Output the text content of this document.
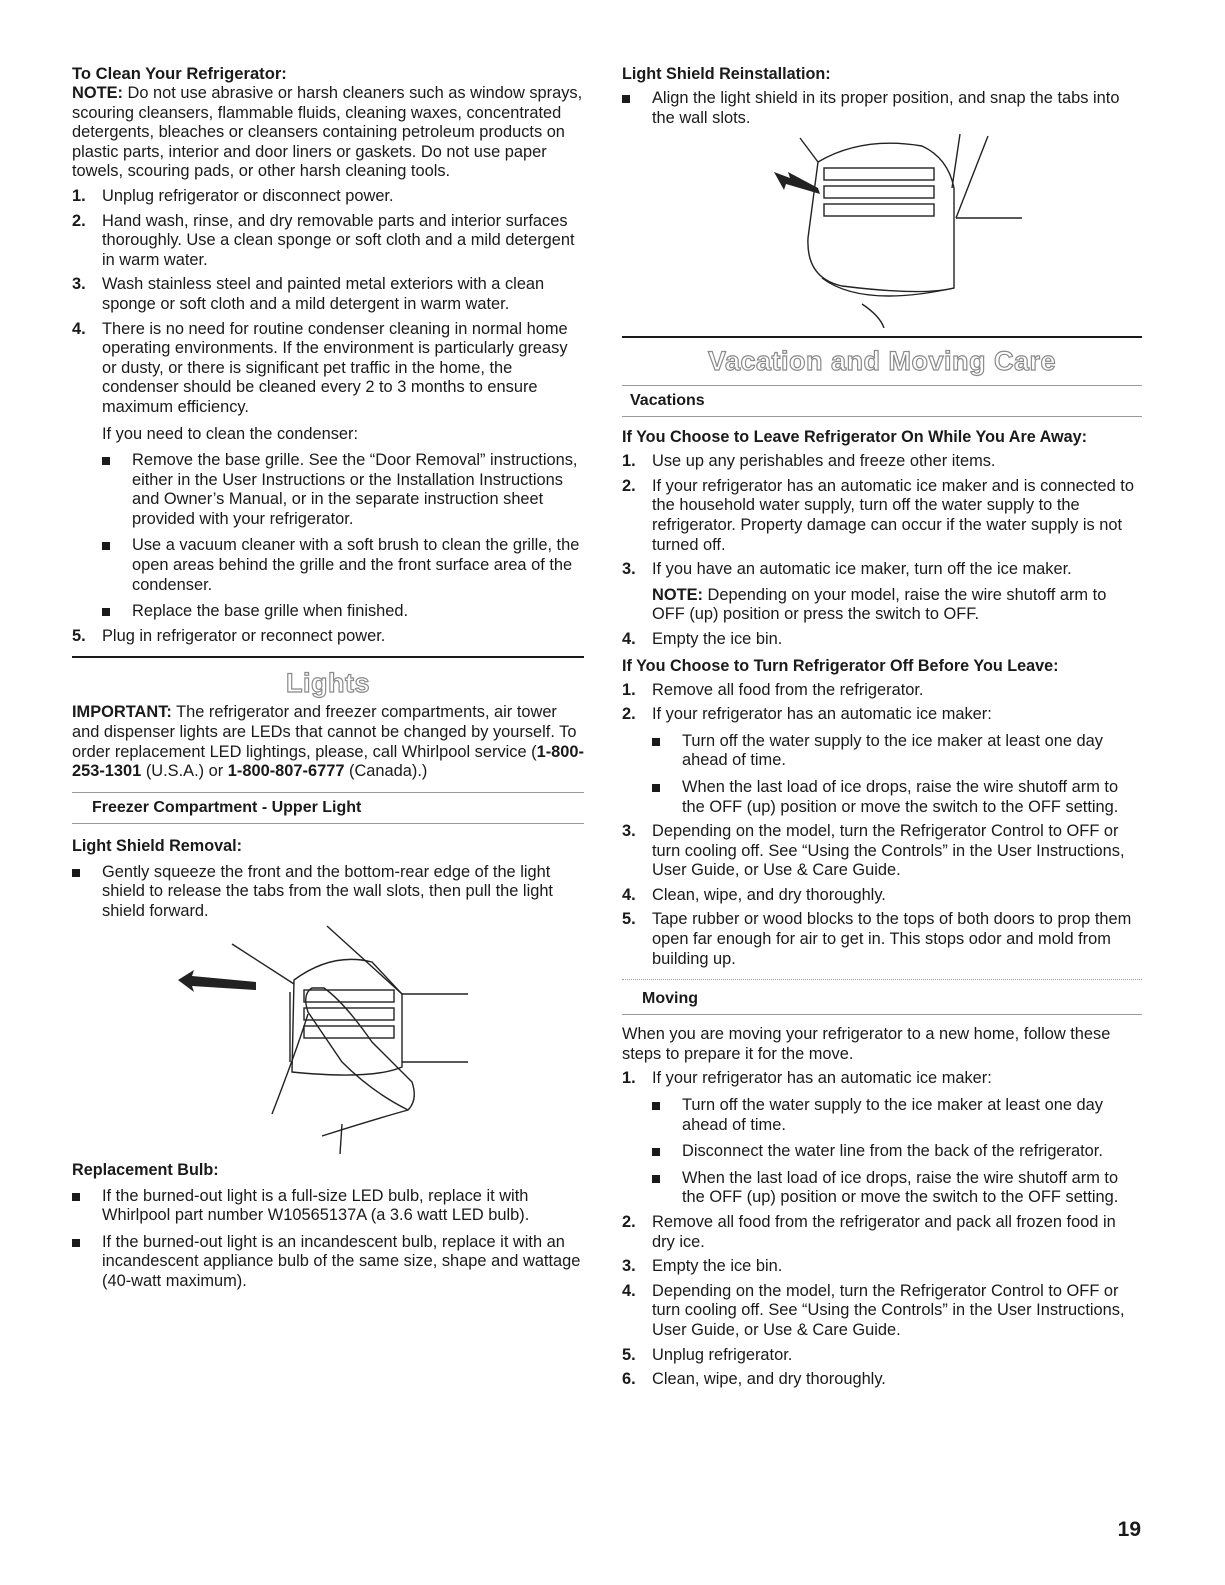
To Clean Your Refrigerator:

NOTE: Do not use abrasive or harsh cleaners such as window sprays, scouring cleansers, flammable fluids, cleaning waxes, concentrated detergents, bleaches or cleansers containing petroleum products on plastic parts, interior and door liners or gaskets. Do not use paper towels, scouring pads, or other harsh cleaning tools.

1. Unplug refrigerator or disconnect power.
2. Hand wash, rinse, and dry removable parts and interior surfaces thoroughly. Use a clean sponge or soft cloth and a mild detergent in warm water.
3. Wash stainless steel and painted metal exteriors with a clean sponge or soft cloth and a mild detergent in warm water.
4. There is no need for routine condenser cleaning in normal home operating environments. If the environment is particularly greasy or dusty, or there is significant pet traffic in the home, the condenser should be cleaned every 2 to 3 months to ensure maximum efficiency.
If you need to clean the condenser:
Remove the base grille. See the “Door Removal” instructions, either in the User Instructions or the Installation Instructions and Owner’s Manual, or in the separate instruction sheet provided with your refrigerator.
Use a vacuum cleaner with a soft brush to clean the grille, the open areas behind the grille and the front surface area of the condenser.
Replace the base grille when finished.
5. Plug in refrigerator or reconnect power.

Lights

IMPORTANT: The refrigerator and freezer compartments, air tower and dispenser lights are LEDs that cannot be changed by yourself. To order replacement LED lightings, please, call Whirlpool service (1-800-253-1301 (U.S.A.) or 1-800-807-6777 (Canada).)

Freezer Compartment - Upper Light

Light Shield Removal:

Gently squeeze the front and the bottom-rear edge of the light shield to release the tabs from the wall slots, then pull the light shield forward.

Replacement Bulb:

If the burned-out light is a full-size LED bulb, replace it with Whirlpool part number W10565137A (a 3.6 watt LED bulb).
If the burned-out light is an incandescent bulb, replace it with an incandescent appliance bulb of the same size, shape and wattage (40-watt maximum).

Light Shield Reinstallation:

Align the light shield in its proper position, and snap the tabs into the wall slots.

Vacation and Moving Care

Vacations

If You Choose to Leave Refrigerator On While You Are Away:

1. Use up any perishables and freeze other items.
2. If your refrigerator has an automatic ice maker and is connected to the household water supply, turn off the water supply to the refrigerator. Property damage can occur if the water supply is not turned off.
3. If you have an automatic ice maker, turn off the ice maker.
NOTE: Depending on your model, raise the wire shutoff arm to OFF (up) position or press the switch to OFF.
4. Empty the ice bin.

If You Choose to Turn Refrigerator Off Before You Leave:

1. Remove all food from the refrigerator.
2. If your refrigerator has an automatic ice maker:
Turn off the water supply to the ice maker at least one day ahead of time.
When the last load of ice drops, raise the wire shutoff arm to the OFF (up) position or move the switch to the OFF setting.
3. Depending on the model, turn the Refrigerator Control to OFF or turn cooling off. See “Using the Controls” in the User Instructions, User Guide, or Use & Care Guide.
4. Clean, wipe, and dry thoroughly.
5. Tape rubber or wood blocks to the tops of both doors to prop them open far enough for air to get in. This stops odor and mold from building up.
Moving

When you are moving your refrigerator to a new home, follow these steps to prepare it for the move.

1. If your refrigerator has an automatic ice maker:
Turn off the water supply to the ice maker at least one day ahead of time.
Disconnect the water line from the back of the refrigerator.
When the last load of ice drops, raise the wire shutoff arm to the OFF (up) position or move the switch to the OFF setting.
2. Remove all food from the refrigerator and pack all frozen food in dry ice.
3. Empty the ice bin.
4. Depending on the model, turn the Refrigerator Control to OFF or turn cooling off. See “Using the Controls” in the User Instructions, User Guide, or Use & Care Guide.
5. Unplug refrigerator.
6. Clean, wipe, and dry thoroughly.
19
